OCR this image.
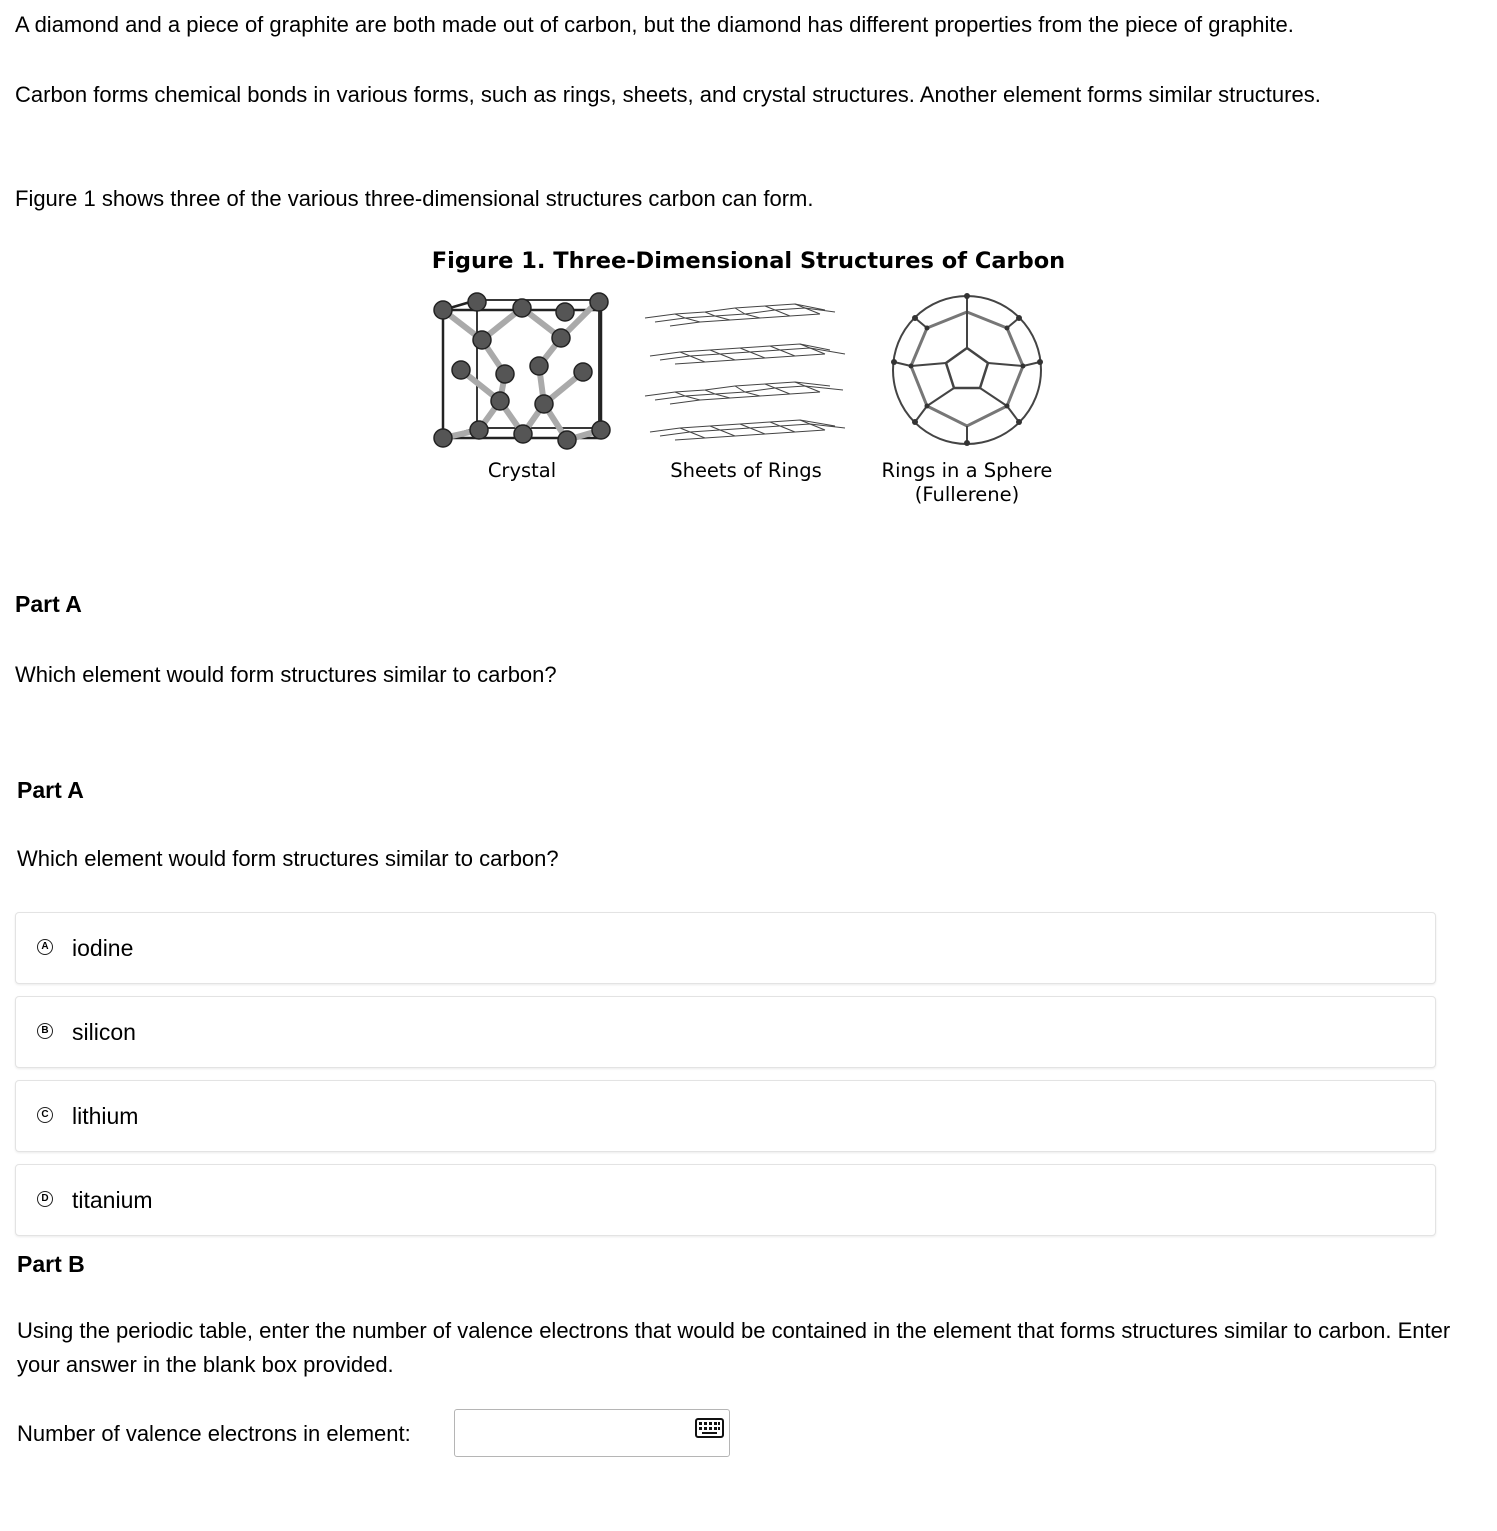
A diamond and a piece of graphite are both made out of carbon, but the diamond has different properties from the piece of graphite.

Carbon forms chemical bonds in various forms, such as rings, sheets, and crystal structures. Another element forms similar structures.

Figure 1 shows three of the various three-dimensional structures carbon can form.

Figure 1. Three-Dimensional Structures of Carbon
Crystal	Sheets of Rings	Rings in a Sphere
(Fullerene)
Part A

Which element would form structures similar to carbon?

Part A

Which element would form structures similar to carbon?

A iodine
B silicon
C lithium
D titanium
Part B

Using the periodic table, enter the number of valence electrons that would be contained in the element that forms structures similar to carbon. Enter your answer in the blank box provided.

Number of valence electrons in element:
